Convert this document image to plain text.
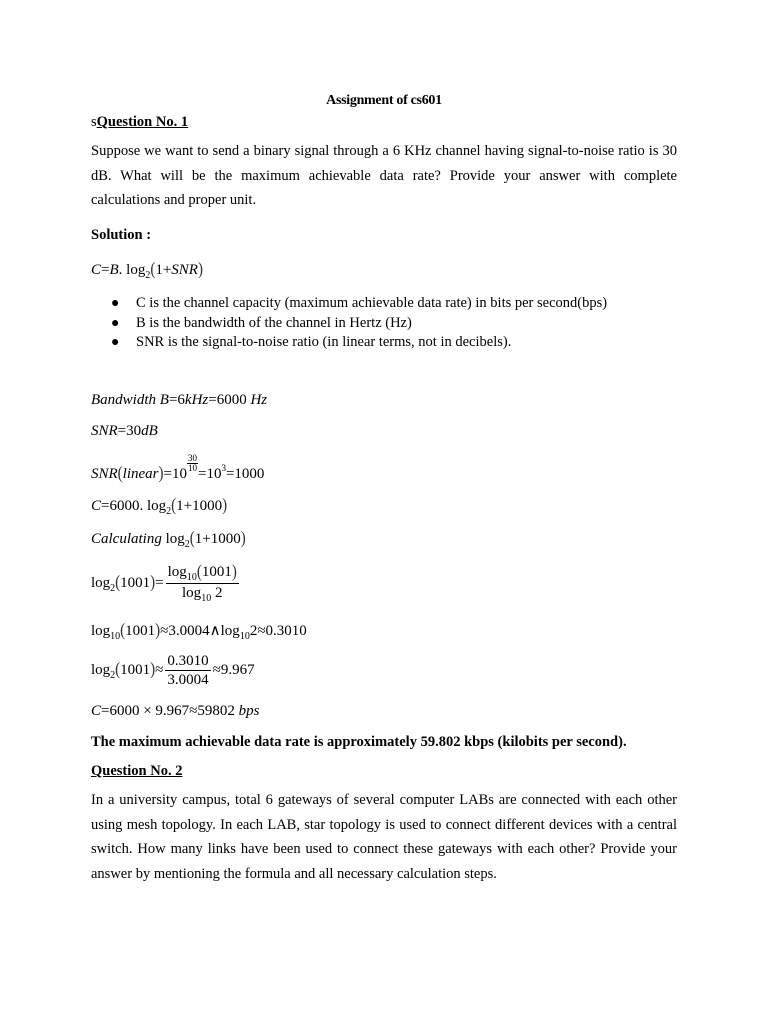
Assignment of cs601
sQuestion No. 1
Suppose we want to send a binary signal through a 6 KHz channel having signal-to-noise ratio is 30 dB. What will be the maximum achievable data rate? Provide your answer with complete calculations and proper unit.
Solution :
C=B. $\log_2(1+SNR)$
● C is the channel capacity (maximum achievable data rate) in bits per second(bps)
● B is the bandwidth of the channel in Hertz (Hz)
● SNR is the signal-to-noise ratio (in linear terms, not in decibels).
Bandwidth B=6kHz=6000 Hz
SNR=30dB
SNR(linear)=10
$\frac{30}{10}$
$=10^3=1000$
C=6000. $\log_2(1+1000)$
Calculating $\log_2(1+1000)$
$\log_2(1001)= \frac{\log_{10}(1001)}{\log_{10} 2}$
$\log_{10}(1001)\approx 3.0004\wedge\log_{10}2\approx 0.3010$
$\log_2(1001)\approx \frac{0.3010}{3.0004} \approx 9.967$
C=6000 × 9.967≈59802 bps
The maximum achievable data rate is approximately 59.802 kbps (kilobits per second).
Question No. 2
In a university campus, total 6 gateways of several computer LABs are connected with each other using mesh topology. In each LAB, star topology is used to connect different devices with a central switch. How many links have been used to connect these gateways with each other? Provide your answer by mentioning the formula and all necessary calculation steps.
